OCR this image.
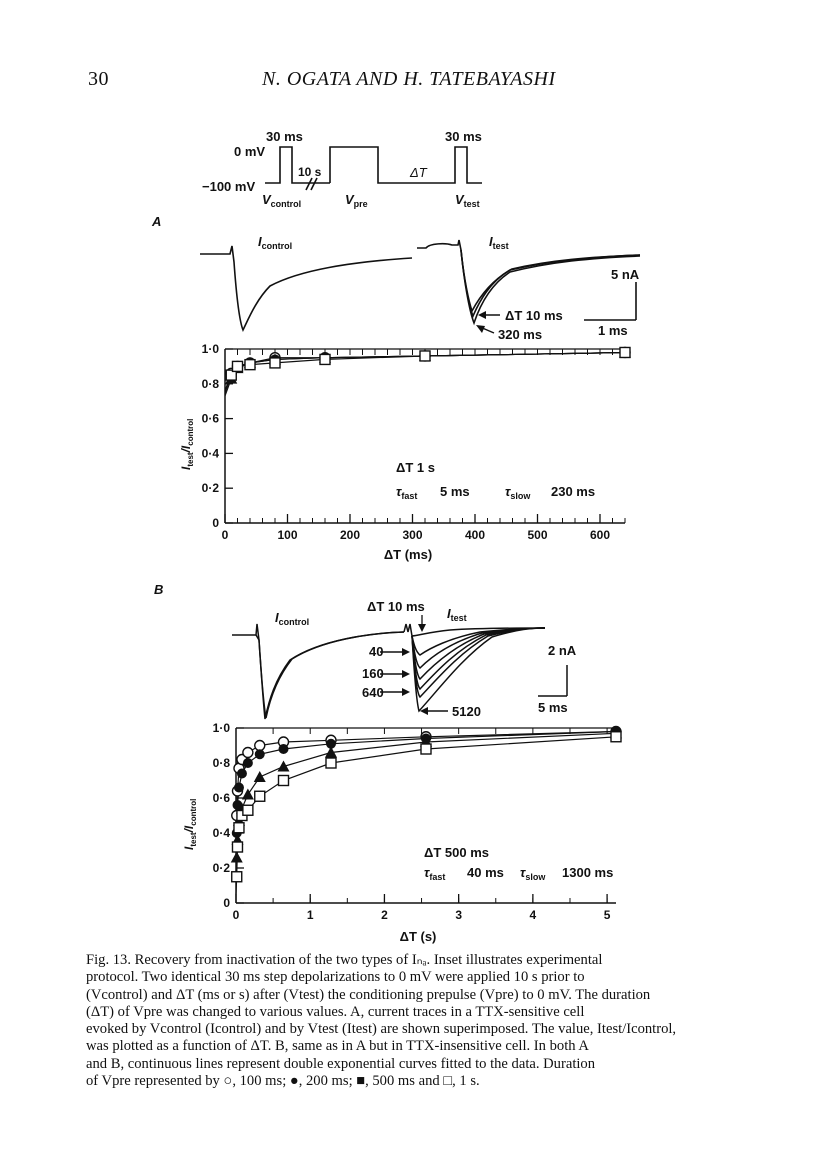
30	N. OGATA AND H. TATEBAYASHI
30 ms	30 ms
0 mV
−100 mV
10 s	ΔT
$V_{control}$	$V_{pre}$	$V_{test}$
A
$I_{control}$	$I_{test}$
5 nA
1 ms
ΔT 10 ms
320 ms
0
0·2
0·4
0·6
0·8
1·0
0	100	200	300	400	500	600
ΔT 1 s
$\tau_{fast}$ 5 ms	$\tau_{slow}$ 230 ms
$I_{test}/I_{control}$
ΔT (ms)
B
$I_{control}$
$I_{test}$
ΔT 10 ms
40
160
640
5120
2 nA
5 ms
0
0·2
0·4
0·6
0·8
1·0
0	1	2	3	4	5
ΔT 500 ms
$\tau_{fast}$ 40 ms $\tau_{slow}$ 1300 ms
$I_{test}/I_{control}$
ΔT (s)
Fig. 13. Recovery from inactivation of the two types of Iₙₐ. Inset illustrates experimental
protocol. Two identical 30 ms step depolarizations to 0 mV were applied 10 s prior to
(Vcontrol) and ΔT (ms or s) after (Vtest) the conditioning prepulse (Vpre) to 0 mV. The duration
(ΔT) of Vpre was changed to various values. A, current traces in a TTX-sensitive cell
evoked by Vcontrol (Icontrol) and by Vtest (Itest) are shown superimposed. The value, Itest/Icontrol,
was plotted as a function of ΔT. B, same as in A but in TTX-insensitive cell. In both A
and B, continuous lines represent double exponential curves fitted to the data. Duration
of Vpre represented by ○, 100 ms; ●, 200 ms; ■, 500 ms and □, 1 s.
